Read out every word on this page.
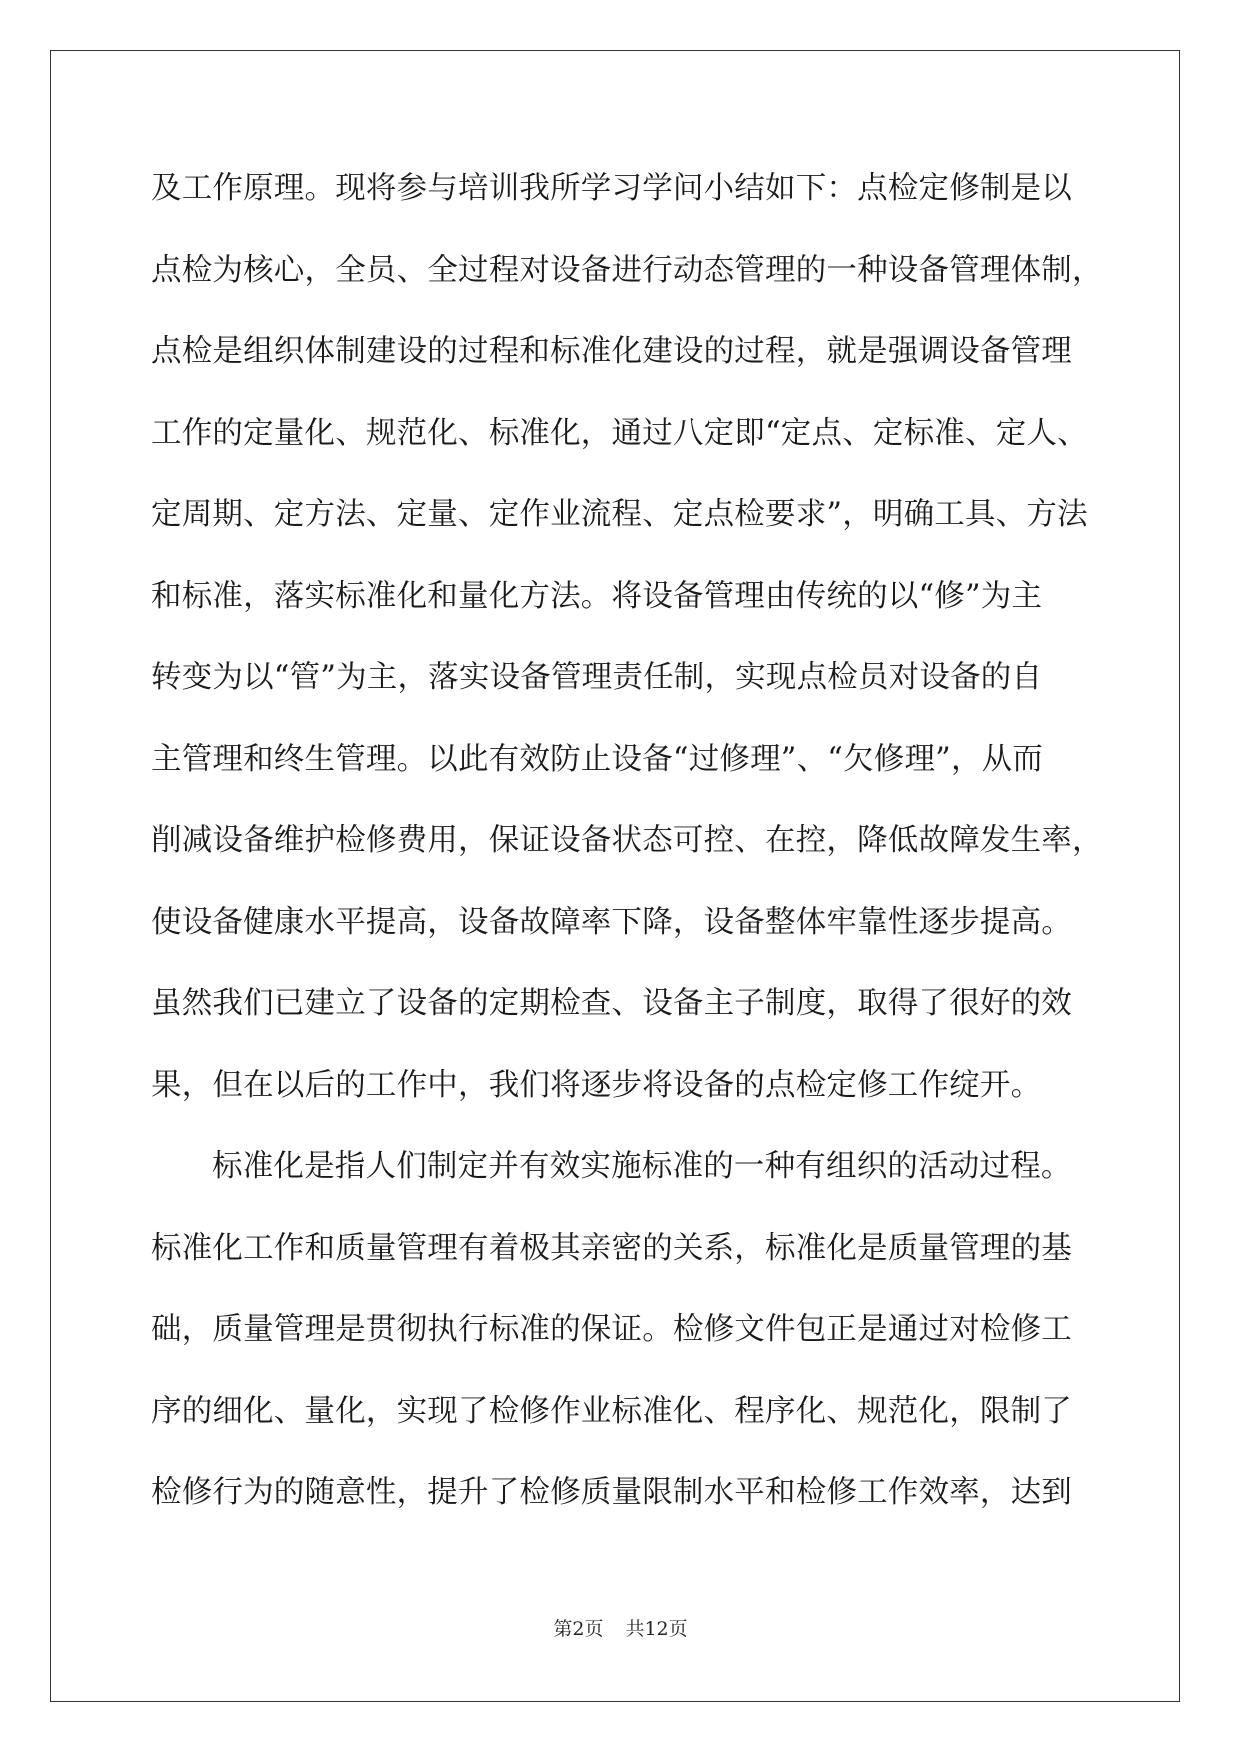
及工作原理。现将参与培训我所学习学问小结如下：点检定修制是以
点检为核心，全员、全过程对设备进行动态管理的一种设备管理体制，
点检是组织体制建设的过程和标准化建设的过程，就是强调设备管理
工作的定量化、规范化、标准化，通过八定即“定点、定标准、定人、
定周期、定方法、定量、定作业流程、定点检要求”，明确工具、方法
和标准，落实标准化和量化方法。将设备管理由传统的以“修”为主
转变为以“管”为主，落实设备管理责任制，实现点检员对设备的自
主管理和终生管理。以此有效防止设备“过修理”、“欠修理”，从而
削减设备维护检修费用，保证设备状态可控、在控，降低故障发生率，
使设备健康水平提高，设备故障率下降，设备整体牢靠性逐步提高。
虽然我们已建立了设备的定期检查、设备主子制度，取得了很好的效
果，但在以后的工作中，我们将逐步将设备的点检定修工作绽开。
标准化是指人们制定并有效实施标准的一种有组织的活动过程。
标准化工作和质量管理有着极其亲密的关系，标准化是质量管理的基
础，质量管理是贯彻执行标准的保证。检修文件包正是通过对检修工
序的细化、量化，实现了检修作业标准化、程序化、规范化，限制了
检修行为的随意性，提升了检修质量限制水平和检修工作效率，达到
第2页 共12页
